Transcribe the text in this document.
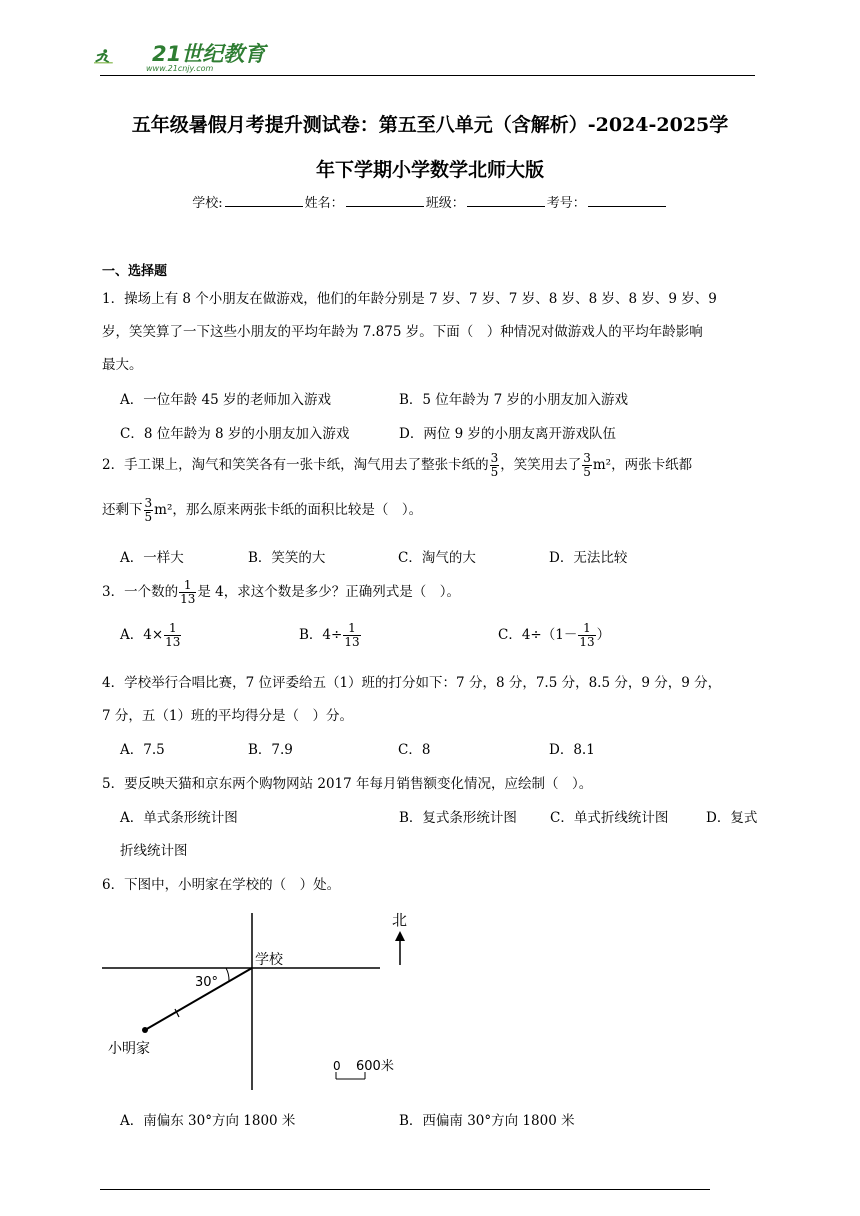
21世纪教育
www.21cnjy.com
五年级暑假月考提升测试卷：第五至八单元（含解析）-2024-2025学
年下学期小学数学北师大版
学校:	姓名：	班级：	考号：
一、选择题
1．操场上有 8 个小朋友在做游戏，他们的年龄分别是 7 岁、7 岁、7 岁、8 岁、8 岁、8 岁、9 岁、9
岁，笑笑算了一下这些小朋友的平均年龄为 7.875 岁。下面（　）种情况对做游戏人的平均年龄影响
最大。
A．一位年龄 45 岁的老师加入游戏	B．5 位年龄为 7 岁的小朋友加入游戏
C．8 位年龄为 8 岁的小朋友加入游戏	D．两位 9 岁的小朋友离开游戏队伍
2．手工课上，淘气和笑笑各有一张卡纸，淘气用去了整张卡纸的 $\frac{3}{5}$ ，笑笑用去了 $\frac{3}{5} m^2$，两张卡纸都
还剩下 $\frac{3}{5} m^2$，那么原来两张卡纸的面积比较是（　）。
A．一样大	B．笑笑的大	C．淘气的大	D．无法比较
3．一个数的 $\frac{1}{13}$ 是 4，求这个数是多少？正确列式是（　）。
A．$4\times \frac{1}{13}$	B．$4\div \frac{1}{13}$	C．$4\div(1- \frac{1}{13}$ ）
4．学校举行合唱比赛，7 位评委给五（1）班的打分如下：7 分，8 分，7.5 分，8.5 分，9 分，9 分，
7 分，五（1）班的平均得分是（　）分。
A．7.5	B．7.9	C．8	D．8.1
5．要反映天猫和京东两个购物网站 2017 年每月销售额变化情况，应绘制（　）。
A．单式条形统计图	B．复式条形统计图 C．单式折线统计图	D．复式
折线统计图
6．下图中，小明家在学校的（　）处。
30°
学校
小明家
北
0 600米
A．南偏东 30°方向 1800 米	B．西偏南 30°方向 1800 米
